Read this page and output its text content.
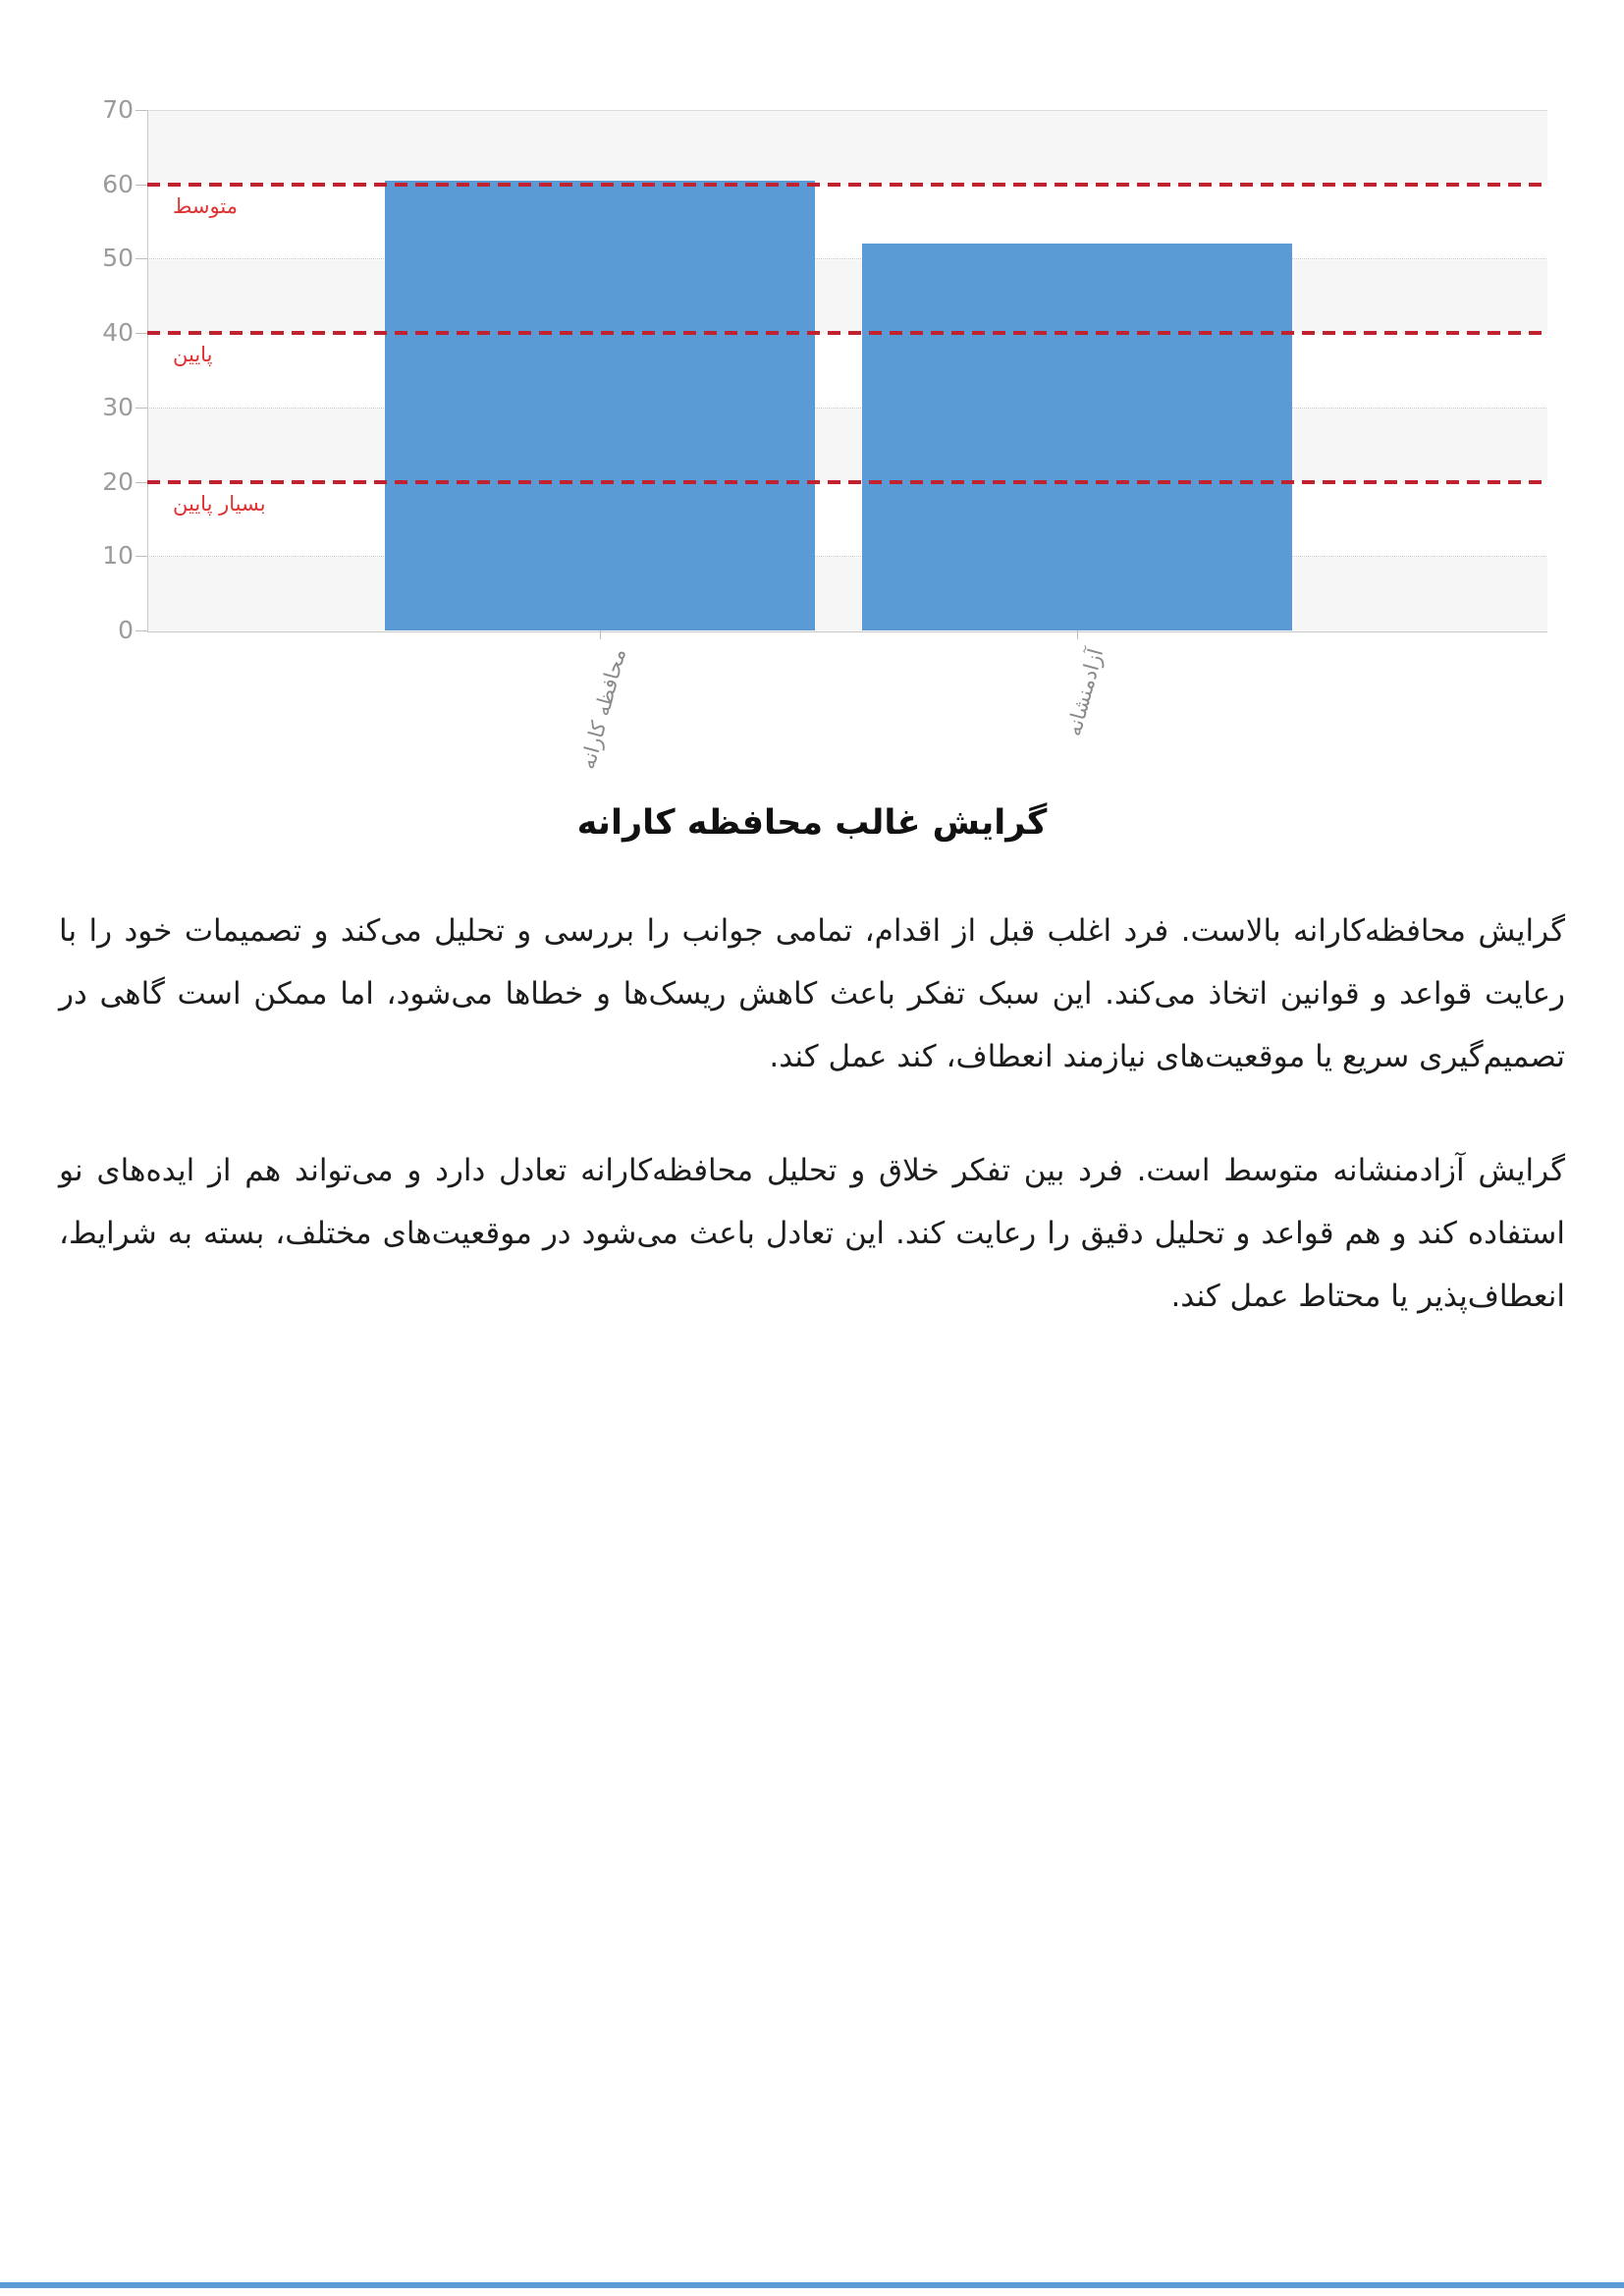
0
10
20
30
40
50
60
70
متوسط
پایین
بسیار پایین
محافظه کارانه	آزادمنشانه
گرایش غالب محافظه کارانه

گرایش محافظه‌کارانه بالاست. فرد اغلب قبل از اقدام، تمامی جوانب را بررسی و تحلیل می‌کند و تصمیمات خود را با رعایت قواعد و قوانین اتخاذ می‌کند. این سبک تفکر باعث کاهش ریسک‌ها و خطاها می‌شود، اما ممکن است گاهی در تصمیم‌گیری سریع یا موقعیت‌های نیازمند انعطاف، کند عمل کند.

گرایش آزادمنشانه متوسط است. فرد بین تفکر خلاق و تحلیل محافظه‌کارانه تعادل دارد و می‌تواند هم از ایده‌های نو استفاده کند و هم قواعد و تحلیل دقیق را رعایت کند. این تعادل باعث می‌شود در موقعیت‌های مختلف، بسته به شرایط، انعطاف‌پذیر یا محتاط عمل کند.
